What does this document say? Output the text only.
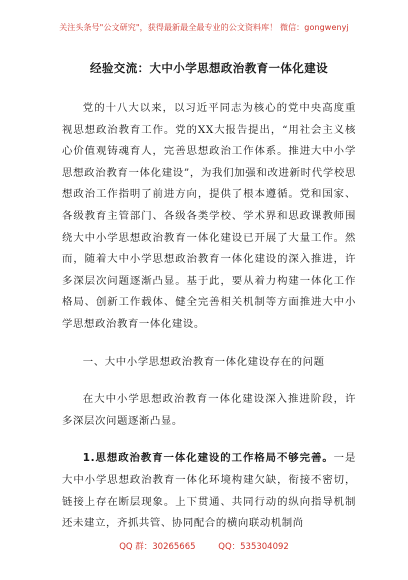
关注头条号"公文研究"，获得最新最全最专业的公文资料库！ 微信：gongwenyj
经验交流：大中小学思想政治教育一体化建设

党的十八大以来，以习近平同志为核心的党中央高度重视思想政治教育工作。党的XX大报告提出，“用社会主义核心价值观铸魂育人，完善思想政治工作体系。推进大中小学思想政治教育一体化建设”，为我们加强和改进新时代学校思想政治工作指明了前进方向，提供了根本遵循。党和国家、各级教育主管部门、各级各类学校、学术界和思政课教师围绕大中小学思想政治教育一体化建设已开展了大量工作。然而，随着大中小学思想政治教育一体化建设的深入推进，许多深层次问题逐渐凸显。基于此，要从着力构建一体化工作格局、创新工作载体、健全完善相关机制等方面推进大中小学思想政治教育一体化建设。

一、大中小学思想政治教育一体化建设存在的问题

在大中小学思想政治教育一体化建设深入推进阶段，许多深层次问题逐渐凸显。

1.思想政治教育一体化建设的工作格局不够完善。一是大中小学思想政治教育一体化环境构建欠缺，衔接不密切，链接上存在断层现象。上下贯通、共同行动的纵向指导机制还未建立，齐抓共管、协同配合的横向联动机制尚

QQ 群：30265665	QQ：535304092
